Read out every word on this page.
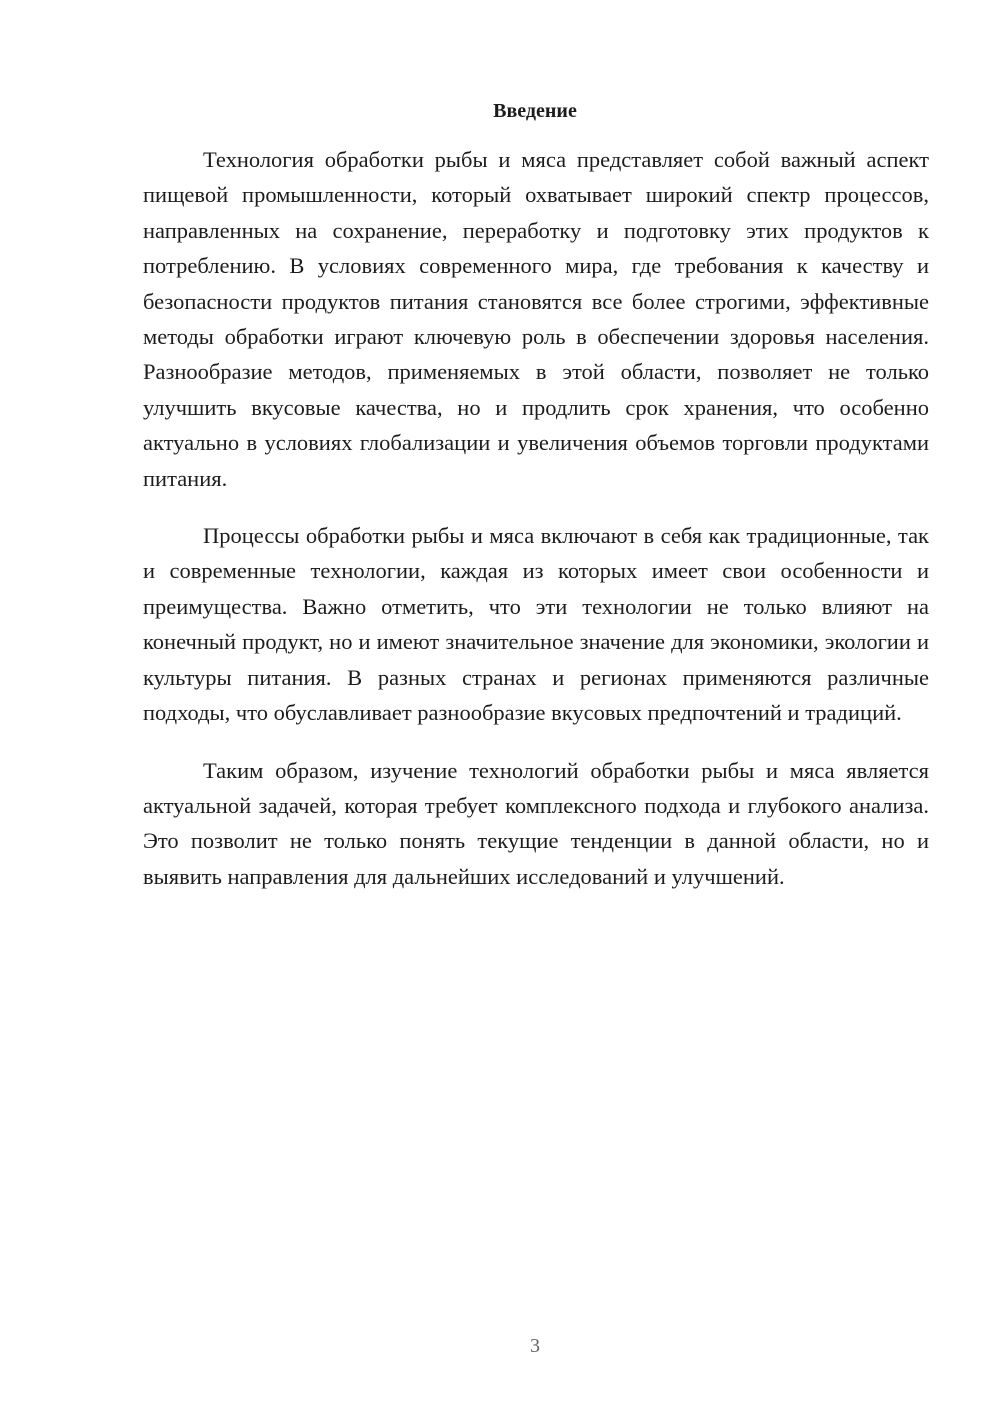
Введение

Технология обработки рыбы и мяса представляет собой важный аспект пищевой промышленности, который охватывает широкий спектр процессов, направленных на сохранение, переработку и подготовку этих продуктов к потреблению. В условиях современного мира, где требования к качеству и безопасности продуктов питания становятся все более строгими, эффективные методы обработки играют ключевую роль в обеспечении здоровья населения. Разнообразие методов, применяемых в этой области, позволяет не только улучшить вкусовые качества, но и продлить срок хранения, что особенно актуально в условиях глобализации и увеличения объемов торговли продуктами питания.

Процессы обработки рыбы и мяса включают в себя как традиционные, так и современные технологии, каждая из которых имеет свои особенности и преимущества. Важно отметить, что эти технологии не только влияют на конечный продукт, но и имеют значительное значение для экономики, экологии и культуры питания. В разных странах и регионах применяются различные подходы, что обуславливает разнообразие вкусовых предпочтений и традиций.

Таким образом, изучение технологий обработки рыбы и мяса является актуальной задачей, которая требует комплексного подхода и глубокого анализа. Это позволит не только понять текущие тенденции в данной области, но и выявить направления для дальнейших исследований и улучшений.

3
